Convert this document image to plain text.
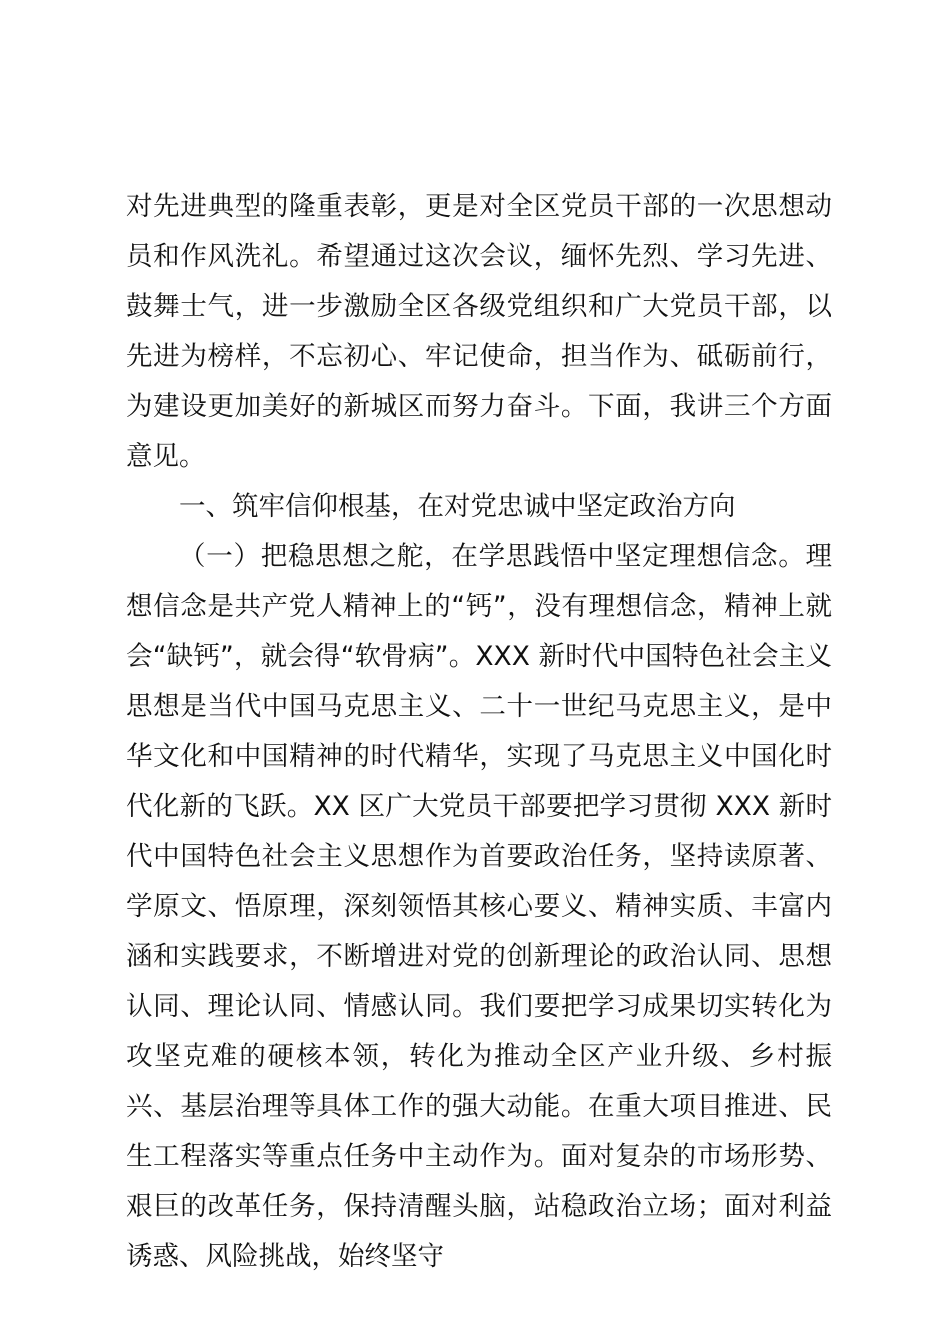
对先进典型的隆重表彰，更是对全区党员干部的一次思想动员和作风洗礼。希望通过这次会议，缅怀先烈、学习先进、鼓舞士气，进一步激励全区各级党组织和广大党员干部，以先进为榜样，不忘初心、牢记使命，担当作为、砥砺前行，为建设更加美好的新城区而努力奋斗。下面，我讲三个方面意见。

一、筑牢信仰根基，在对党忠诚中坚定政治方向

（一）把稳思想之舵，在学思践悟中坚定理想信念。理想信念是共产党人精神上的“钙”，没有理想信念，精神上就会“缺钙”，就会得“软骨病”。XXX 新时代中国特色社会主义思想是当代中国马克思主义、二十一世纪马克思主义，是中华文化和中国精神的时代精华，实现了马克思主义中国化时代化新的飞跃。XX 区广大党员干部要把学习贯彻 XXX 新时代中国特色社会主义思想作为首要政治任务，坚持读原著、学原文、悟原理，深刻领悟其核心要义、精神实质、丰富内涵和实践要求，不断增进对党的创新理论的政治认同、思想认同、理论认同、情感认同。我们要把学习成果切实转化为攻坚克难的硬核本领，转化为推动全区产业升级、乡村振兴、基层治理等具体工作的强大动能。在重大项目推进、民生工程落实等重点任务中主动作为。面对复杂的市场形势、艰巨的改革任务，保持清醒头脑，站稳政治立场；面对利益诱惑、风险挑战，始终坚守
